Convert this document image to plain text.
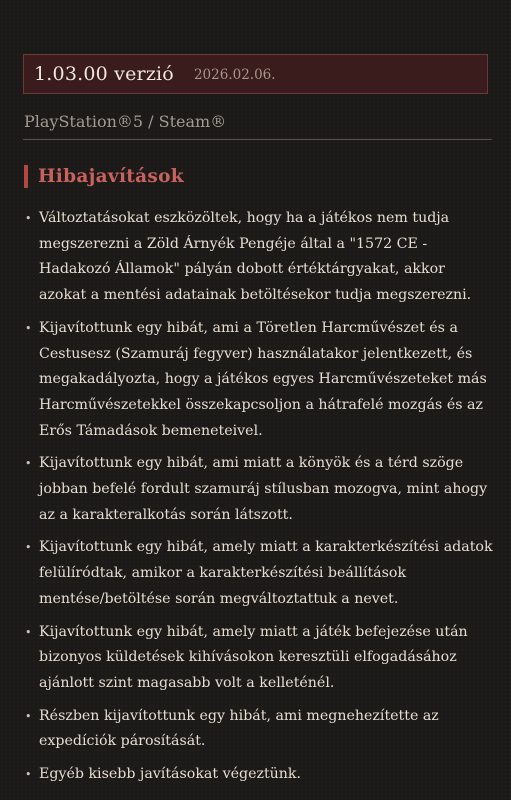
1.03.00 verzió 2026.02.06.
PlayStation®5 / Steam®
Hibajavítások
• Változtatásokat eszközöltek, hogy ha a játékos nem tudja megszerezni a Zöld Árnyék Pengéje által a "1572 CE - Hadakozó Államok" pályán dobott értéktárgyakat, akkor azokat a mentési adatainak betöltésekor tudja megszerezni.
• Kijavítottunk egy hibát, ami a Töretlen Harcművészet és a Cestusesz (Szamuráj fegyver) használatakor jelentkezett, és megakadályozta, hogy a játékos egyes Harcművészeteket más Harcművészetekkel összekapcsoljon a hátrafelé mozgás és az Erős Támadások bemeneteivel.
• Kijavítottunk egy hibát, ami miatt a könyök és a térd szöge jobban befelé fordult szamuráj stílusban mozogva, mint ahogy az a karakteralkotás során látszott.
• Kijavítottunk egy hibát, amely miatt a karakterkészítési adatok felülíródtak, amikor a karakterkészítési beállítások mentése/betöltése során megváltoztattuk a nevet.
• Kijavítottunk egy hibát, amely miatt a játék befejezése után bizonyos küldetések kihívásokon keresztüli elfogadásához ajánlott szint magasabb volt a kelleténél.
• Részben kijavítottunk egy hibát, ami megnehezítette az expedíciók párosítását.
• Egyéb kisebb javításokat végeztünk.
